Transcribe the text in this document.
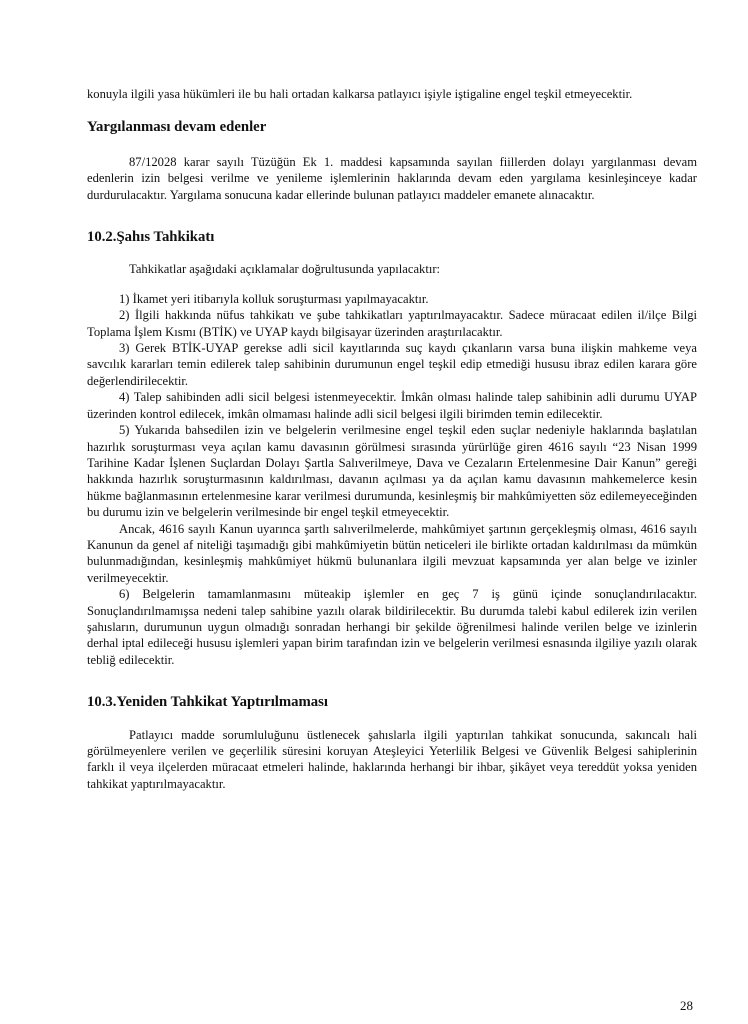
konuyla ilgili yasa hükümleri ile bu hali ortadan kalkarsa patlayıcı işiyle iştigaline engel teşkil etmeyecektir.

Yargılanması devam edenler

87/12028 karar sayılı Tüzüğün Ek 1. maddesi kapsamında sayılan fiillerden dolayı yargılanması devam edenlerin izin belgesi verilme ve yenileme işlemlerinin haklarında devam eden yargılama kesinleşinceye kadar durdurulacaktır. Yargılama sonucuna kadar ellerinde bulunan patlayıcı maddeler emanete alınacaktır.

10.2.Şahıs Tahkikatı

Tahkikatlar aşağıdaki açıklamalar doğrultusunda yapılacaktır:

1) İkamet yeri itibarıyla kolluk soruşturması yapılmayacaktır.

2) İlgili hakkında nüfus tahkikatı ve şube tahkikatları yaptırılmayacaktır. Sadece müracaat edilen il/ilçe Bilgi Toplama İşlem Kısmı (BTİK) ve UYAP kaydı bilgisayar üzerinden araştırılacaktır.

3) Gerek BTİK-UYAP gerekse adli sicil kayıtlarında suç kaydı çıkanların varsa buna ilişkin mahkeme veya savcılık kararları temin edilerek talep sahibinin durumunun engel teşkil edip etmediği hususu ibraz edilen karara göre değerlendirilecektir.

4) Talep sahibinden adli sicil belgesi istenmeyecektir. İmkân olması halinde talep sahibinin adli durumu UYAP üzerinden kontrol edilecek, imkân olmaması halinde adli sicil belgesi ilgili birimden temin edilecektir.

5) Yukarıda bahsedilen izin ve belgelerin verilmesine engel teşkil eden suçlar nedeniyle haklarında başlatılan hazırlık soruşturması veya açılan kamu davasının görülmesi sırasında yürürlüğe giren 4616 sayılı “23 Nisan 1999 Tarihine Kadar İşlenen Suçlardan Dolayı Şartla Salıverilmeye, Dava ve Cezaların Ertelenmesine Dair Kanun” gereği hakkında hazırlık soruşturmasının kaldırılması, davanın açılması ya da açılan kamu davasının mahkemelerce kesin hükme bağlanmasının ertelenmesine karar verilmesi durumunda, kesinleşmiş bir mahkûmiyetten söz edilemeyeceğinden bu durumu izin ve belgelerin verilmesinde bir engel teşkil etmeyecektir.

Ancak, 4616 sayılı Kanun uyarınca şartlı salıverilmelerde, mahkûmiyet şartının gerçekleşmiş olması, 4616 sayılı Kanunun da genel af niteliği taşımadığı gibi mahkûmiyetin bütün neticeleri ile birlikte ortadan kaldırılması da mümkün bulunmadığından, kesinleşmiş mahkûmiyet hükmü bulunanlara ilgili mevzuat kapsamında yer alan belge ve izinler verilmeyecektir.

6) Belgelerin tamamlanmasını müteakip işlemler en geç 7 iş günü içinde sonuçlandırılacaktır. Sonuçlandırılmamışsa nedeni talep sahibine yazılı olarak bildirilecektir. Bu durumda talebi kabul edilerek izin verilen şahısların, durumunun uygun olmadığı sonradan herhangi bir şekilde öğrenilmesi halinde verilen belge ve izinlerin derhal iptal edileceği hususu işlemleri yapan birim tarafından izin ve belgelerin verilmesi esnasında ilgiliye yazılı olarak tebliğ edilecektir.

10.3.Yeniden Tahkikat Yaptırılmaması

Patlayıcı madde sorumluluğunu üstlenecek şahıslarla ilgili yaptırılan tahkikat sonucunda, sakıncalı hali görülmeyenlere verilen ve geçerlilik süresini koruyan Ateşleyici Yeterlilik Belgesi ve Güvenlik Belgesi sahiplerinin farklı il veya ilçelerden müracaat etmeleri halinde, haklarında herhangi bir ihbar, şikâyet veya tereddüt yoksa yeniden tahkikat yaptırılmayacaktır.

28
